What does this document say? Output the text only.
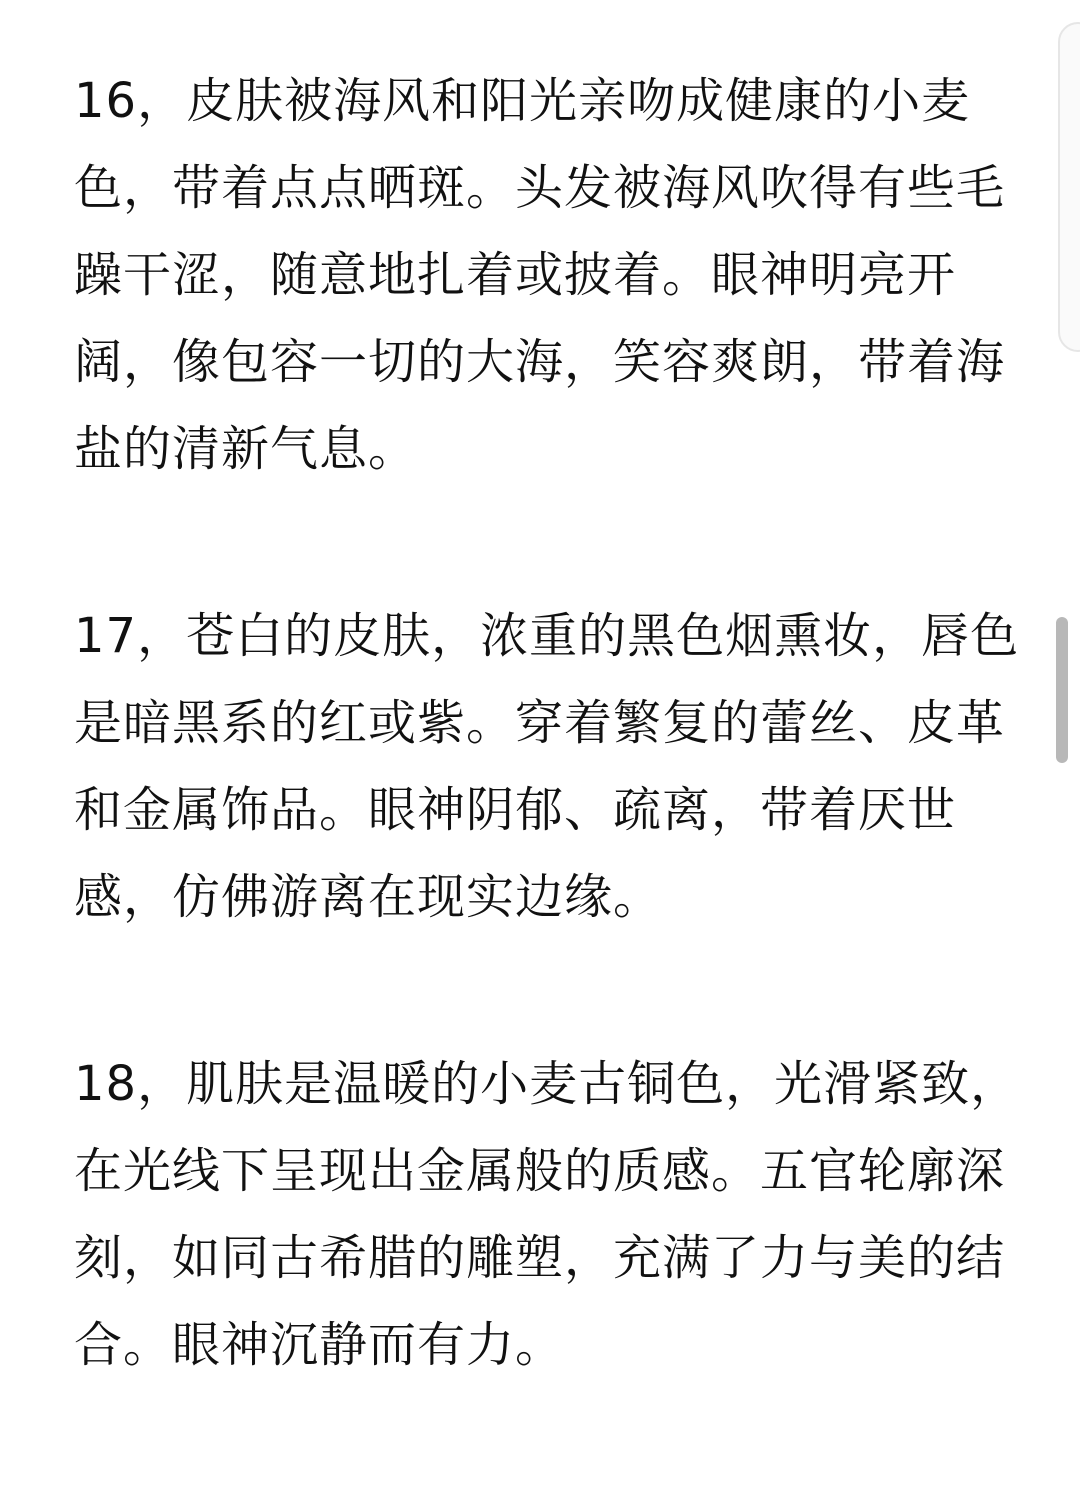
16，皮肤被海风和阳光亲吻成健康的小麦
色，带着点点晒斑。头发被海风吹得有些毛
躁干涩，随意地扎着或披着。眼神明亮开
阔，像包容一切的大海，笑容爽朗，带着海
盐的清新气息。
17，苍白的皮肤，浓重的黑色烟熏妆，唇色
是暗黑系的红或紫。穿着繁复的蕾丝、皮革
和金属饰品。眼神阴郁、疏离，带着厌世
感，仿佛游离在现实边缘。
18，肌肤是温暖的小麦古铜色，光滑紧致，
在光线下呈现出金属般的质感。五官轮廓深
刻，如同古希腊的雕塑，充满了力与美的结
合。眼神沉静而有力。
